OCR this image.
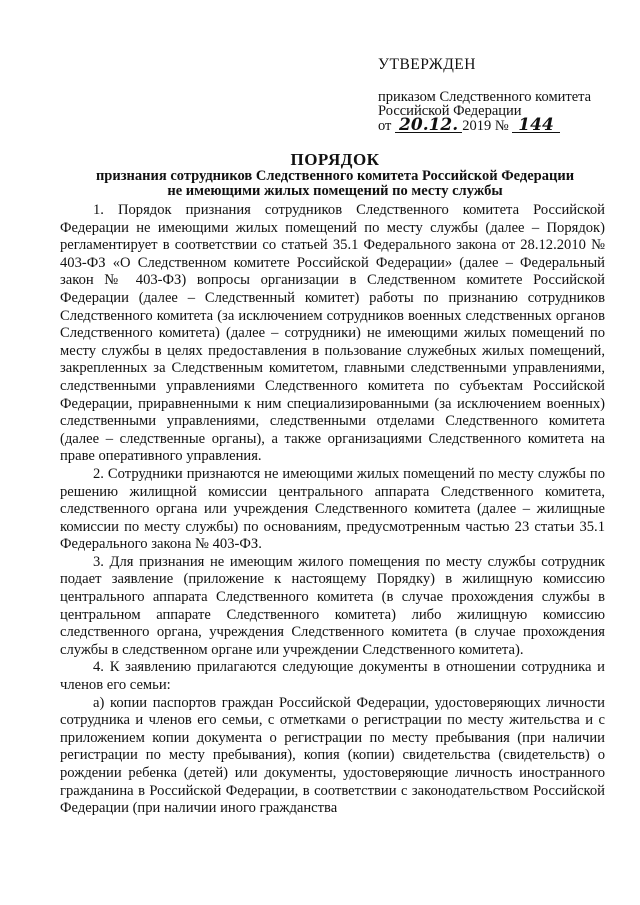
УТВЕРЖДЕН
приказом Следственного комитета
Российской Федерации
от 20.12. 2019 № 144
ПОРЯДОК
признания сотрудников Следственного комитета Российской Федерации
не имеющими жилых помещений по месту службы

1. Порядок признания сотрудников Следственного комитета Российской Федерации не имеющими жилых помещений по месту службы (далее – Порядок) регламентирует в соответствии со статьей 35.1 Федерального закона от 28.12.2010 № 403-ФЗ «О Следственном комитете Российской Федерации» (далее – Федеральный закон № 403-ФЗ) вопросы организации в Следственном комитете Российской Федерации (далее – Следственный комитет) работы по признанию сотрудников Следственного комитета (за исключением сотрудников военных следственных органов Следственного комитета) (далее – сотрудники) не имеющими жилых помещений по месту службы в целях предоставления в пользование служебных жилых помещений, закрепленных за Следственным комитетом, главными следственными управлениями, следственными управлениями Следственного комитета по субъектам Российской Федерации, приравненными к ним специализированными (за исключением военных) следственными управлениями, следственными отделами Следственного комитета (далее – следственные органы), а также организациями Следственного комитета на праве оперативного управления.

2. Сотрудники признаются не имеющими жилых помещений по месту службы по решению жилищной комиссии центрального аппарата Следственного комитета, следственного органа или учреждения Следственного комитета (далее – жилищные комиссии по месту службы) по основаниям, предусмотренным частью 23 статьи 35.1 Федерального закона № 403-ФЗ.

3. Для признания не имеющим жилого помещения по месту службы сотрудник подает заявление (приложение к настоящему Порядку) в жилищную комиссию центрального аппарата Следственного комитета (в случае прохождения службы в центральном аппарате Следственного комитета) либо жилищную комиссию следственного органа, учреждения Следственного комитета (в случае прохождения службы в следственном органе или учреждении Следственного комитета).

4. К заявлению прилагаются следующие документы в отношении сотрудника и членов его семьи:

а) копии паспортов граждан Российской Федерации, удостоверяющих личности сотрудника и членов его семьи, с отметками о регистрации по месту жительства и с приложением копии документа о регистрации по месту пребывания (при наличии регистрации по месту пребывания), копия (копии) свидетельства (свидетельств) о рождении ребенка (детей) или документы, удостоверяющие личность иностранного гражданина в Российской Федерации, в соответствии с законодательством Российской Федерации (при наличии иного гражданства
